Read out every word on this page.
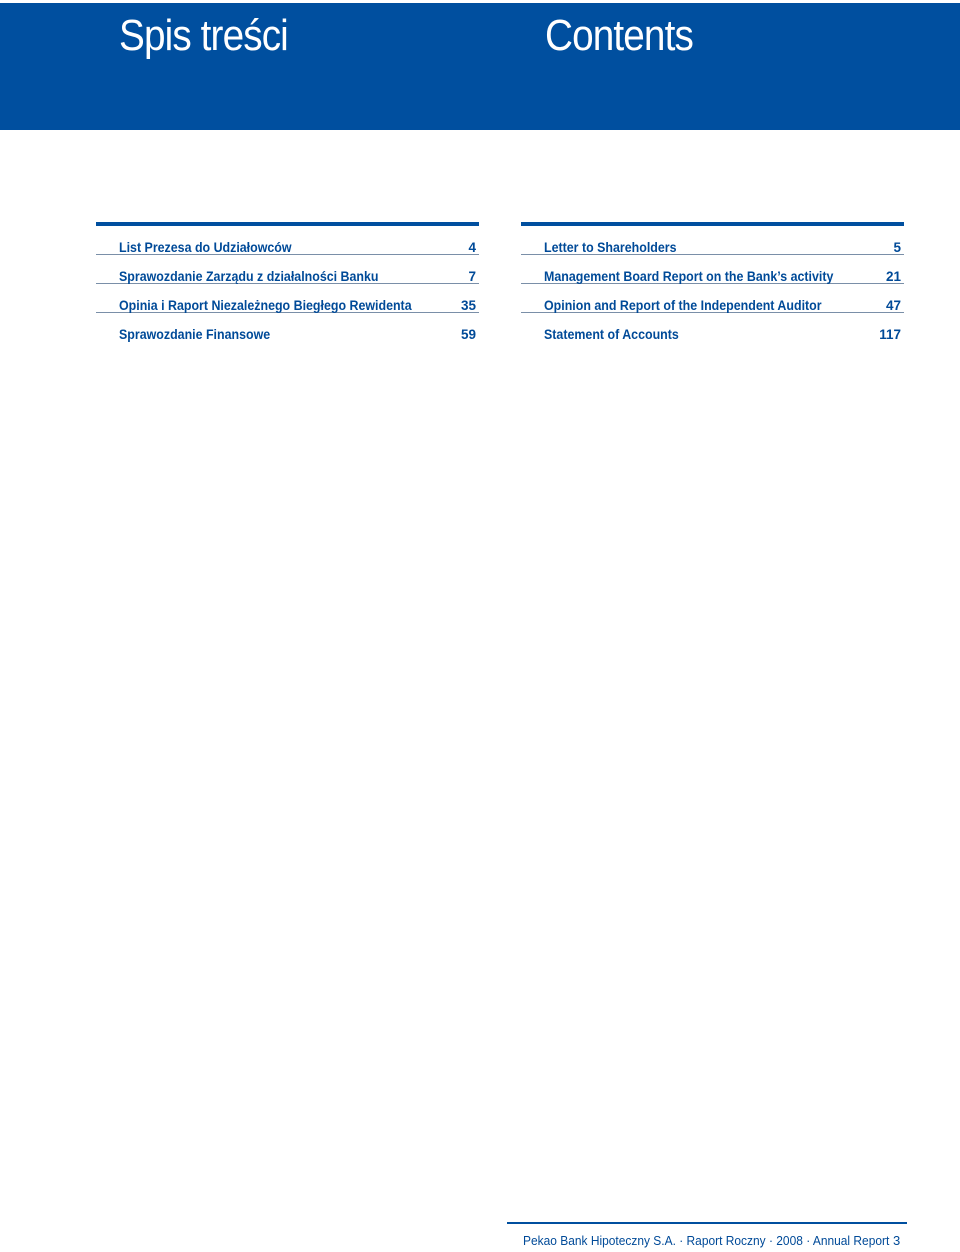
Spis treści	Contents
List Prezesa do Udziałowców	4
Sprawozdanie Zarządu z działalności Banku	7
Opinia i Raport Niezależnego Biegłego Rewidenta	35
Sprawozdanie Finansowe	59
Letter to Shareholders	5
Management Board Report on the Bank’s activity	21
Opinion and Report of the Independent Auditor	47
Statement of Accounts	117
Pekao Bank Hipoteczny S.A. · Raport Roczny · 2008 · Annual Report 3
